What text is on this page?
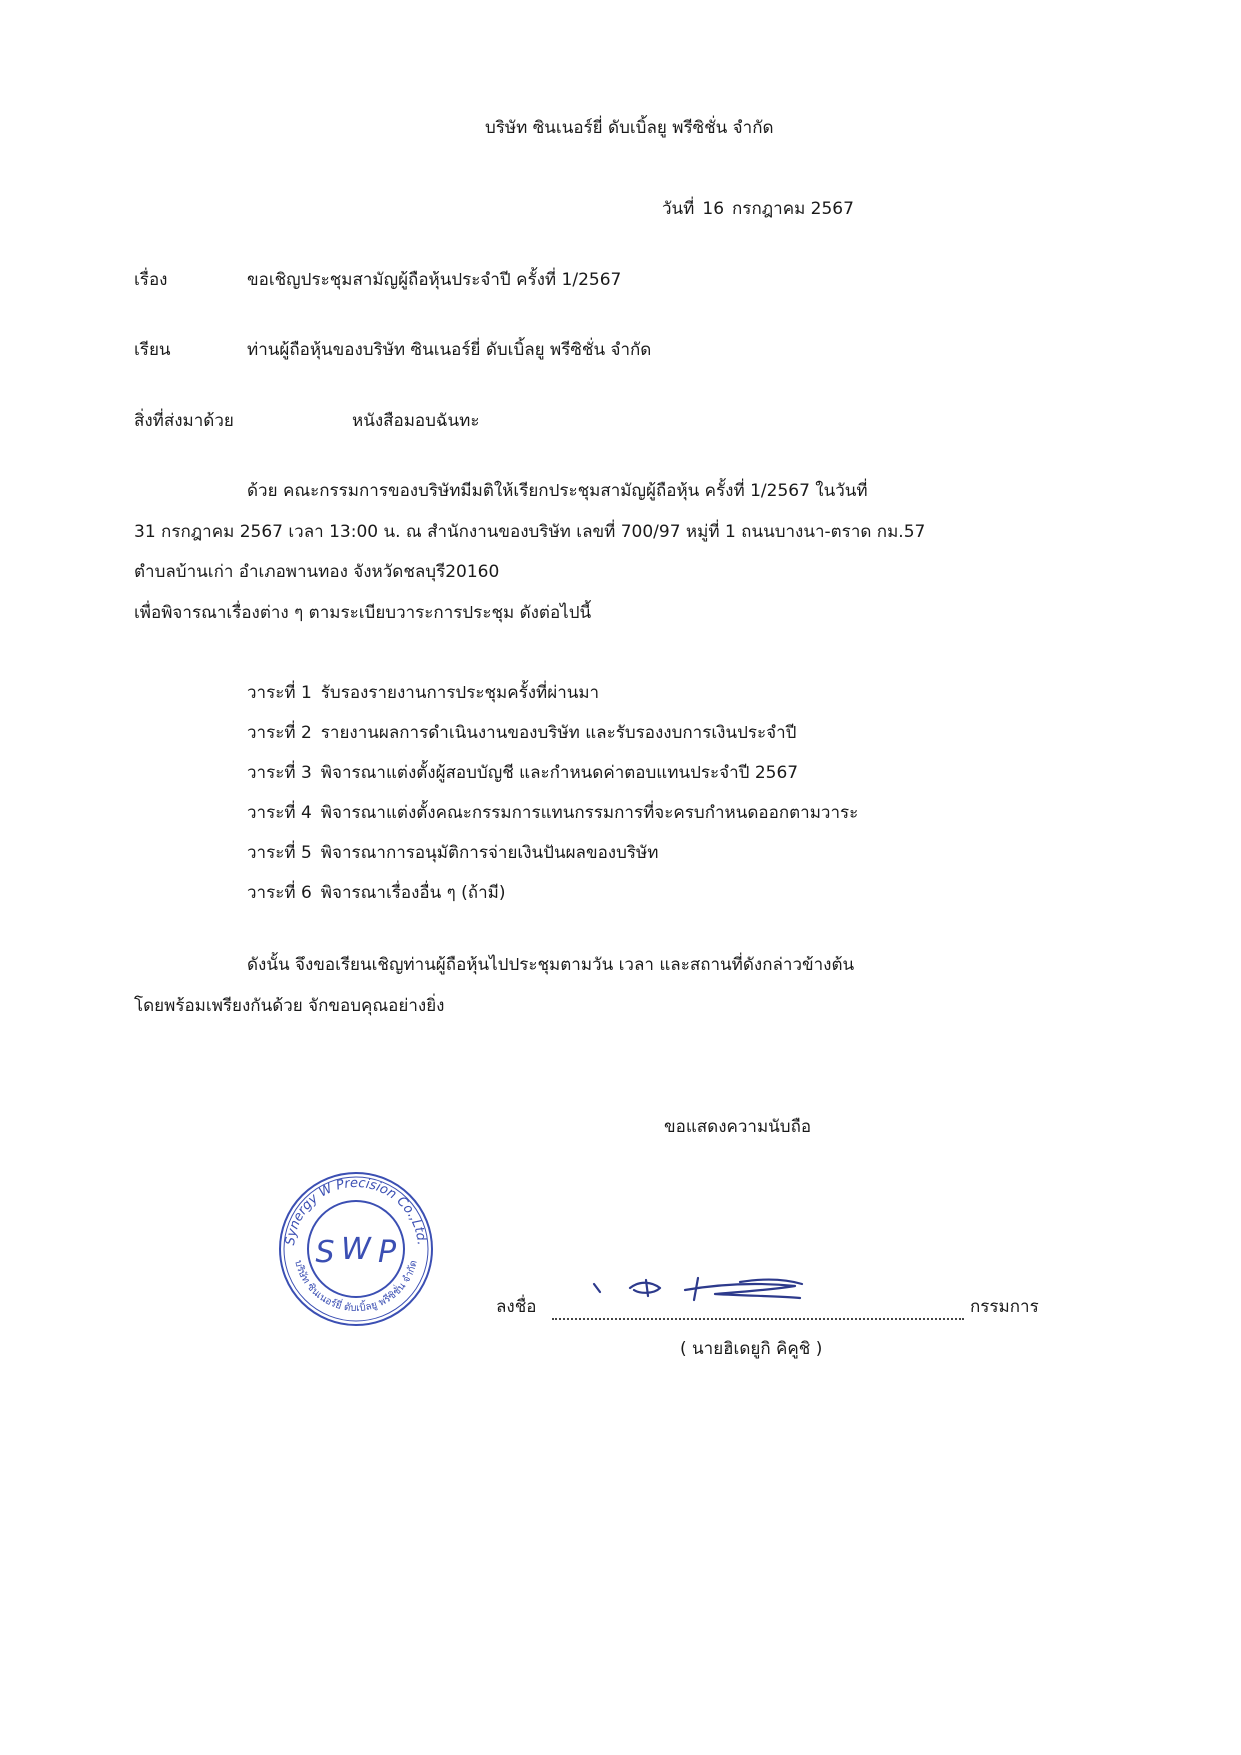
บริษัท ซินเนอร์ยี่ ดับเบิ้ลยู พรีซิชั่น จำกัด
วันที่ 16 กรกฎาคม 2567
เรื่อง	ขอเชิญประชุมสามัญผู้ถือหุ้นประจำปี ครั้งที่ 1/2567
เรียน	ท่านผู้ถือหุ้นของบริษัท ซินเนอร์ยี่ ดับเบิ้ลยู พรีซิชั่น จำกัด
สิ่งที่ส่งมาด้วย	หนังสือมอบฉันทะ
ด้วย คณะกรรมการของบริษัทมีมติให้เรียกประชุมสามัญผู้ถือหุ้น ครั้งที่ 1/2567 ในวันที่
31 กรกฎาคม 2567 เวลา 13:00 น. ณ สำนักงานของบริษัท เลขที่ 700/97 หมู่ที่ 1 ถนนบางนา-ตราด กม.57
ตำบลบ้านเก่า อำเภอพานทอง จังหวัดชลบุรี20160
เพื่อพิจารณาเรื่องต่าง ๆ ตามระเบียบวาระการประชุม ดังต่อไปนี้
วาระที่ 1 รับรองรายงานการประชุมครั้งที่ผ่านมา
วาระที่ 2 รายงานผลการดำเนินงานของบริษัท และรับรองงบการเงินประจำปี
วาระที่ 3 พิจารณาแต่งตั้งผู้สอบบัญชี และกำหนดค่าตอบแทนประจำปี 2567
วาระที่ 4 พิจารณาแต่งตั้งคณะกรรมการแทนกรรมการที่จะครบกำหนดออกตามวาระ
วาระที่ 5 พิจารณาการอนุมัติการจ่ายเงินปันผลของบริษัท
วาระที่ 6 พิจารณาเรื่องอื่น ๆ (ถ้ามี)
ดังนั้น จึงขอเรียนเชิญท่านผู้ถือหุ้นไปประชุมตามวัน เวลา และสถานที่ดังกล่าวข้างต้น
โดยพร้อมเพรียงกันด้วย จักขอบคุณอย่างยิ่ง
ขอแสดงความนับถือ
Synergy W Precision Co.,Ltd.
บริษัท ซินเนอร์ยี่ ดับเบิ้ลยู พรีซิชั่น จำกัด
S W P
ลงชื่อ	กรรมการ
( นายฮิเดยูกิ คิคูชิ )
